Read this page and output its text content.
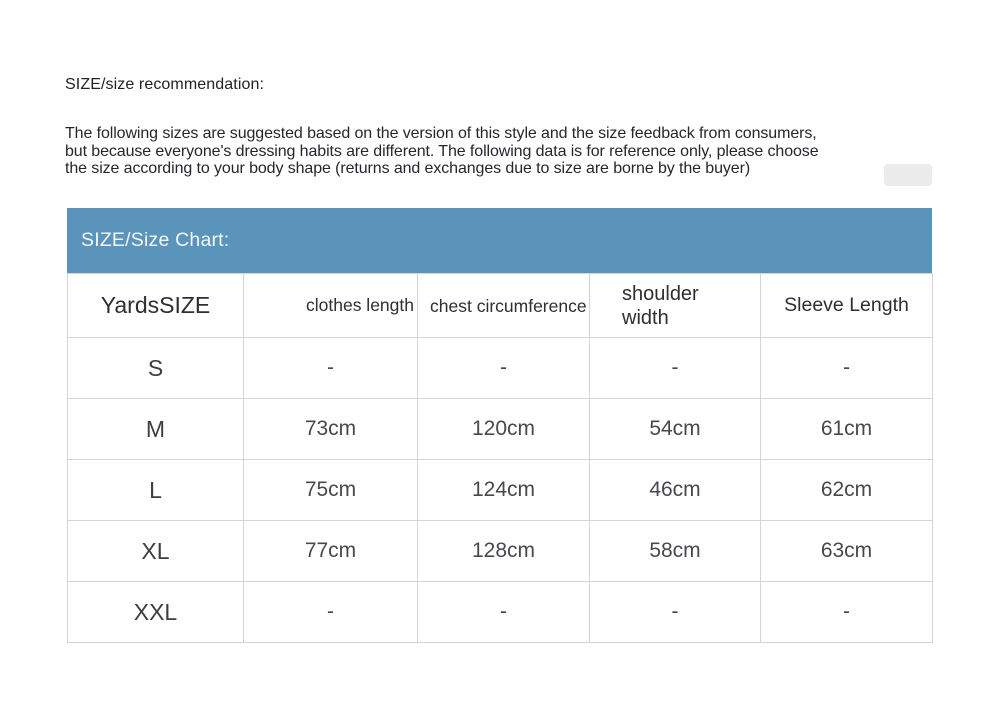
SIZE/size recommendation:
The following sizes are suggested based on the version of this style and the size feedback from consumers,
but because everyone's dressing habits are different. The following data is for reference only, please choose
the size according to your body shape (returns and exchanges due to size are borne by the buyer)
SIZE/Size Chart:
YardsSIZE	clothes length	chest circumference	shoulder width	Sleeve Length
S	-	-	-	-
M	73cm	120cm	54cm	61cm
L	75cm	124cm	46cm	62cm
XL	77cm	128cm	58cm	63cm
XXL	-	-	-	-
